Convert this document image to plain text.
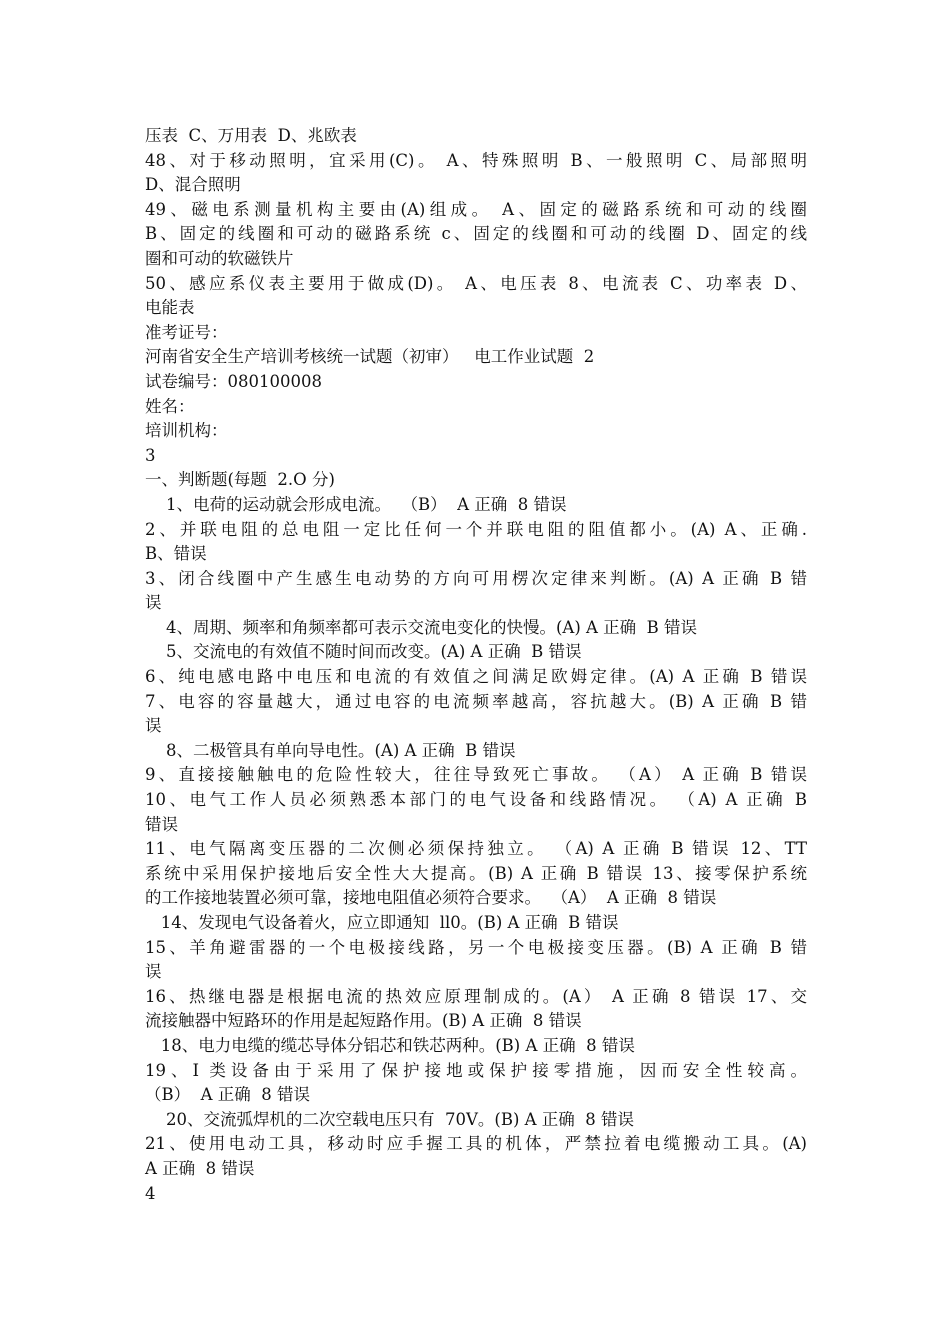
压表  C、万用表  D、兆欧表
48、对于移动照明，宜采用(C)。 A、特殊照明 B、一般照明 C、局部照明
D、混合照明
49、磁电系测量机构主要由(A)组成。 A、固定的磁路系统和可动的线圈
B、固定的线圈和可动的磁路系统 c、固定的线圈和可动的线圈 D、固定的线
圈和可动的软磁铁片
50、感应系仪表主要用于做成(D)。 A、电压表 8、电流表 C、功率表 D、
电能表
准考证号：
河南省安全生产培训考核统一试题（初审）   电工作业试题  2
试卷编号：080100008
姓名：
培训机构：
3
一、判断题(每题  2.O 分)
1、电荷的运动就会形成电流。  （B）  A 正确  8 错误
2、并联电阻的总电阻一定比任何一个并联电阻的阻值都小。(A) A、正确.
B、错误
3、闭合线圈中产生感生电动势的方向可用楞次定律来判断。(A) A 正确 B 错
误
4、周期、频率和角频率都可表示交流电变化的快慢。(A) A 正确  B 错误
5、交流电的有效值不随时间而改变。(A) A 正确  B 错误
6、纯电感电路中电压和电流的有效值之间满足欧姆定律。(A) A 正确 B 错误
7、电容的容量越大，通过电容的电流频率越高，容抗越大。(B) A 正确 B 错
误
8、二极管具有单向导电性。(A) A 正确  B 错误
9、直接接触触电的危险性较大，往往导致死亡事故。 （A） A 正确 B 错误
10、电气工作人员必须熟悉本部门的电气设备和线路情况。 （A) A 正确 B
错误
11、电气隔离变压器的二次侧必须保持独立。 （A) A 正确 B 错误 12、TT
系统中采用保护接地后安全性大大提高。(B) A 正确 B 错误 13、接零保护系统
的工作接地装置必须可靠，接地电阻值必须符合要求。  （A）  A 正确  8 错误
14、发现电气设备着火，应立即通知  ll0。(B) A 正确  B 错误
15、羊角避雷器的一个电极接线路，另一个电极接变压器。(B) A 正确 B 错
误
16、热继电器是根据电流的热效应原理制成的。(A） A 正确 8 错误 17、交
流接触器中短路环的作用是起短路作用。(B) A 正确  8 错误
18、电力电缆的缆芯导体分铝芯和铁芯两种。(B) A 正确  8 错误
19、I 类设备由于采用了保护接地或保护接零措施，因而安全性较高。
（B）  A 正确  8 错误
20、交流弧焊机的二次空载电压只有  70V。(B) A 正确  8 错误
21、使用电动工具，移动时应手握工具的机体，严禁拉着电缆搬动工具。(A)
A 正确  8 错误
4
